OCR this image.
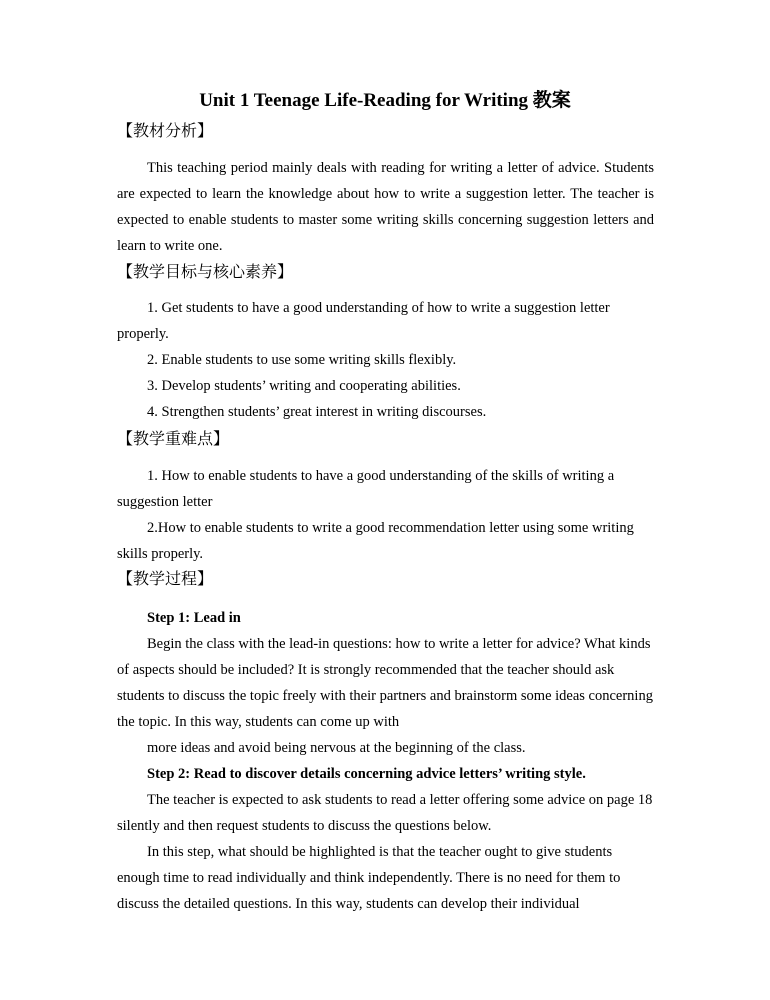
Unit 1 Teenage Life-Reading for Writing 教案
【教材分析】

This teaching period mainly deals with reading for writing a letter of advice. Students are expected to learn the knowledge about how to write a suggestion letter. The teacher is expected to enable students to master some writing skills concerning suggestion letters and learn to write one.

【教学目标与核心素养】

1. Get students to have a good understanding of how to write a suggestion letter properly.

2. Enable students to use some writing skills flexibly.
3. Develop students’ writing and cooperating abilities.
4. Strengthen students’ great interest in writing discourses.
【教学重难点】

1. How to enable students to have a good understanding of the skills of writing a suggestion letter

2.How to enable students to write a good recommendation letter using some writing skills properly.

【教学过程】
Step 1: Lead in

Begin the class with the lead-in questions: how to write a letter for advice? What kinds of aspects should be included? It is strongly recommended that the teacher should ask students to discuss the topic freely with their partners and brainstorm some ideas concerning the topic. In this way, students can come up with

more ideas and avoid being nervous at the beginning of the class.
Step 2: Read to discover details concerning advice letters’ writing style.

The teacher is expected to ask students to read a letter offering some advice on page 18 silently and then request students to discuss the questions below.

In this step, what should be highlighted is that the teacher ought to give students enough time to read individually and think independently. There is no need for them to discuss the detailed questions. In this way, students can develop their individual
